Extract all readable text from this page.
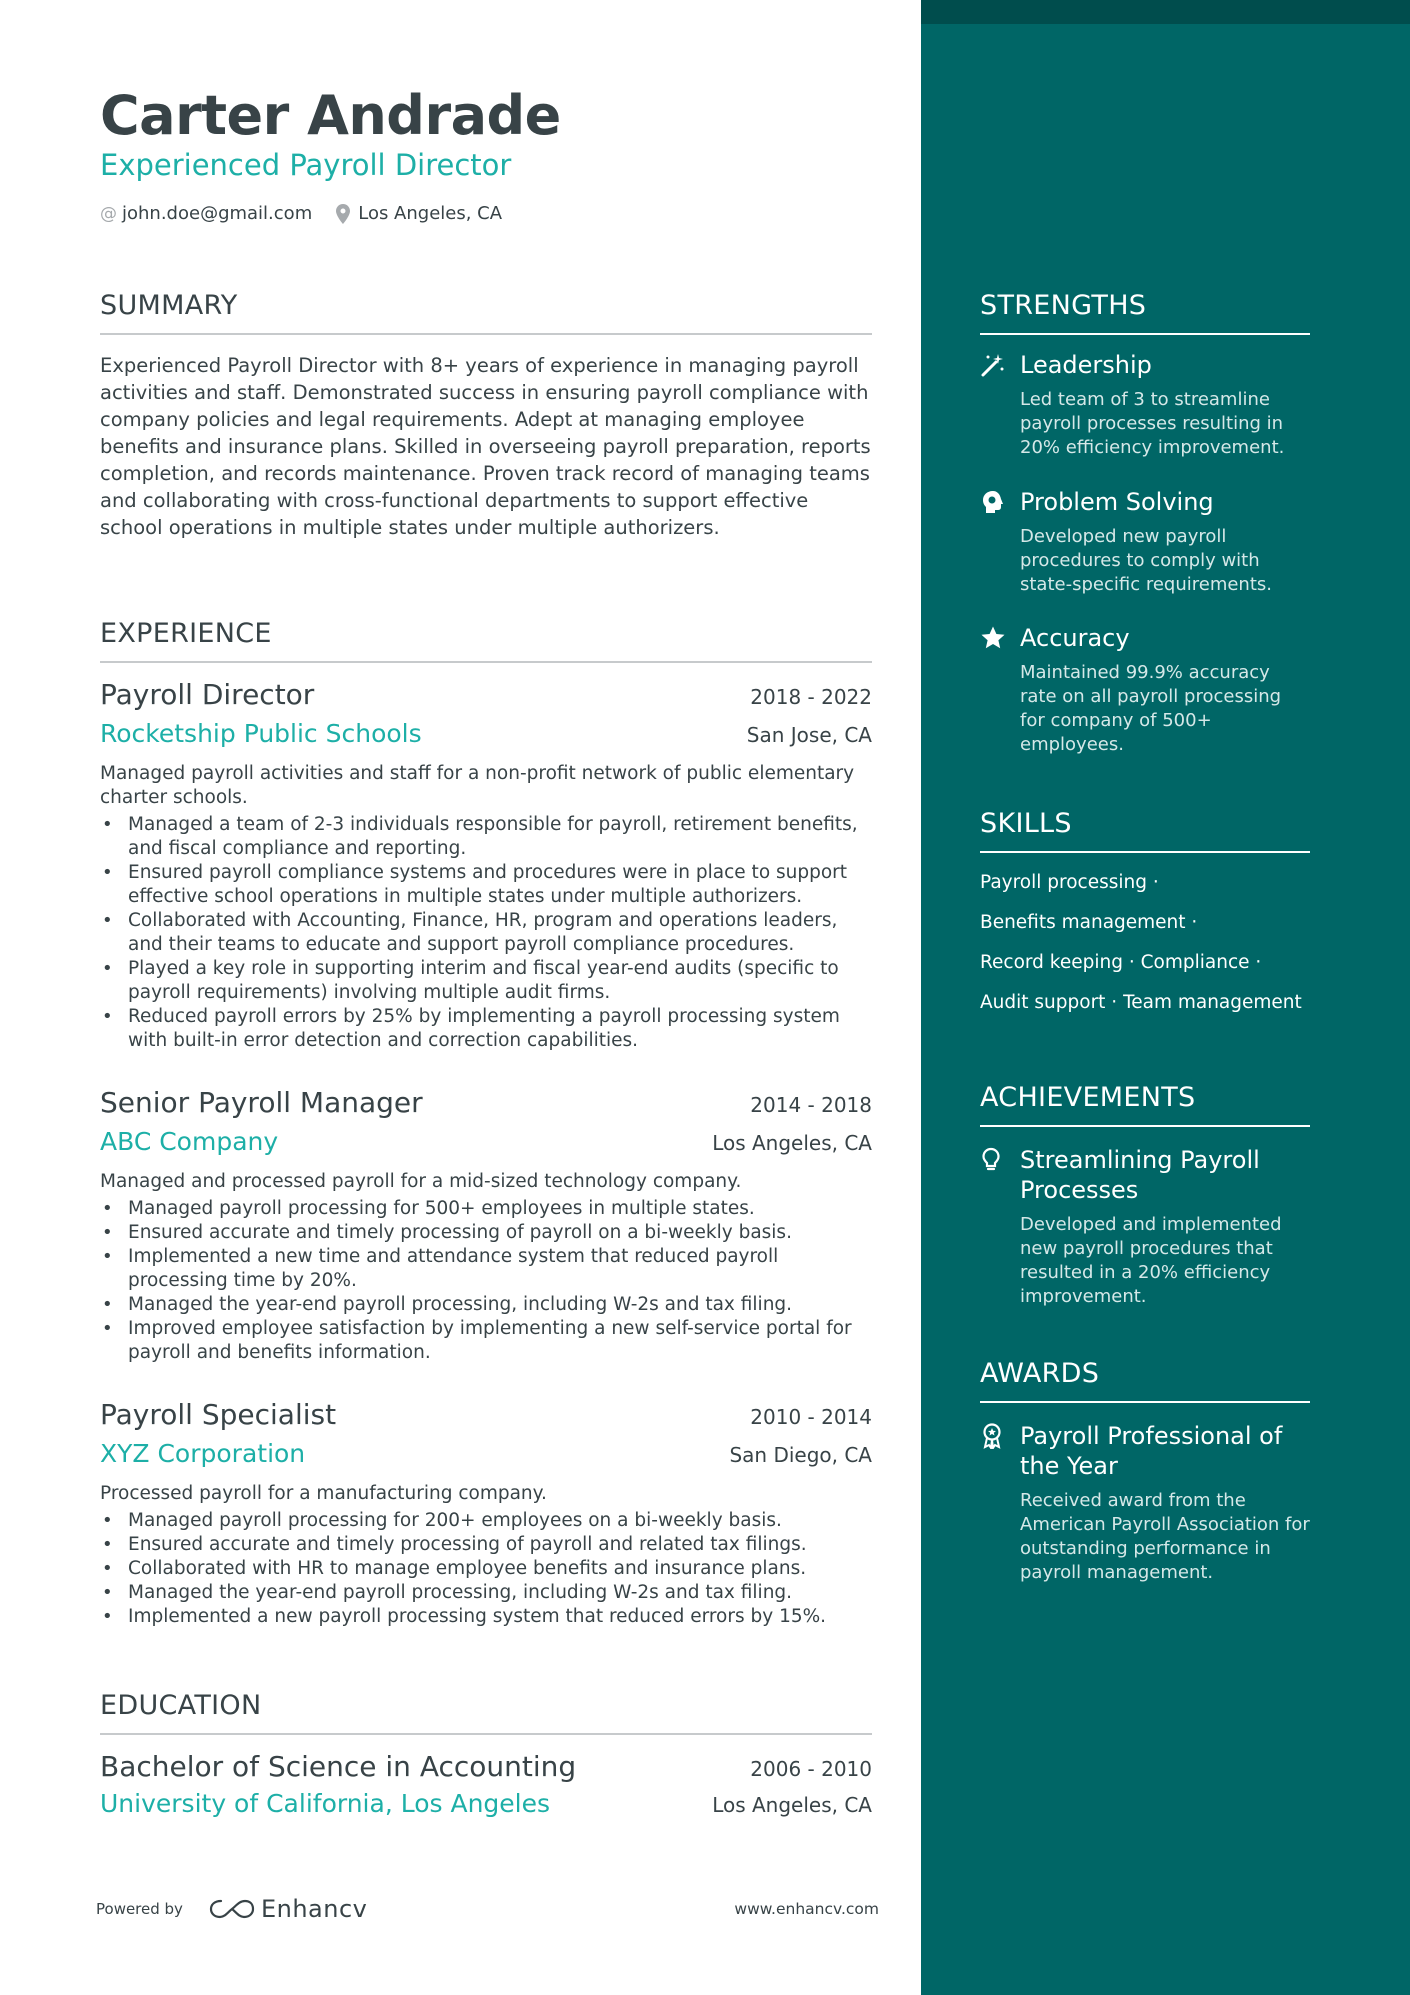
Carter Andrade
Experienced Payroll Director
@ john.doe@gmail.com	Los Angeles, CA
SUMMARY
Experienced Payroll Director with 8+ years of experience in managing payroll activities and staff. Demonstrated success in ensuring payroll compliance with company policies and legal requirements. Adept at managing employee benefits and insurance plans. Skilled in overseeing payroll preparation, reports completion, and records maintenance. Proven track record of managing teams and collaborating with cross-functional departments to support effective school operations in multiple states under multiple authorizers.
EXPERIENCE
Payroll Director	2018 - 2022
Rocketship Public Schools	San Jose, CA
Managed payroll activities and staff for a non-profit network of public elementary charter schools.
• Managed a team of 2-3 individuals responsible for payroll, retirement benefits, and fiscal compliance and reporting.
• Ensured payroll compliance systems and procedures were in place to support effective school operations in multiple states under multiple authorizers.
• Collaborated with Accounting, Finance, HR, program and operations leaders, and their teams to educate and support payroll compliance procedures.
• Played a key role in supporting interim and fiscal year-end audits (specific to payroll requirements) involving multiple audit firms.
• Reduced payroll errors by 25% by implementing a payroll processing system with built-in error detection and correction capabilities.
Senior Payroll Manager	2014 - 2018
ABC Company	Los Angeles, CA
Managed and processed payroll for a mid-sized technology company.
• Managed payroll processing for 500+ employees in multiple states.
• Ensured accurate and timely processing of payroll on a bi-weekly basis.
• Implemented a new time and attendance system that reduced payroll processing time by 20%.
• Managed the year-end payroll processing, including W-2s and tax filing.
• Improved employee satisfaction by implementing a new self-service portal for payroll and benefits information.
Payroll Specialist	2010 - 2014
XYZ Corporation	San Diego, CA
Processed payroll for a manufacturing company.
• Managed payroll processing for 200+ employees on a bi-weekly basis.
• Ensured accurate and timely processing of payroll and related tax filings.
• Collaborated with HR to manage employee benefits and insurance plans.
• Managed the year-end payroll processing, including W-2s and tax filing.
• Implemented a new payroll processing system that reduced errors by 15%.
EDUCATION
Bachelor of Science in Accounting	2006 - 2010
University of California, Los Angeles	Los Angeles, CA
Powered by	Enhancv	www.enhancv.com
STRENGTHS
Leadership
Led team of 3 to streamline payroll processes resulting in 20% efficiency improvement.
Problem Solving
Developed new payroll procedures to comply with state-specific requirements.
Accuracy
Maintained 99.9% accuracy rate on all payroll processing for company of 500+ employees.
SKILLS
Payroll processing ·
Benefits management ·
Record keeping · Compliance ·
Audit support · Team management
ACHIEVEMENTS
Streamlining Payroll Processes
Developed and implemented new payroll procedures that resulted in a 20% efficiency improvement.
AWARDS
Payroll Professional of the Year
Received award from the American Payroll Association for outstanding performance in payroll management.
